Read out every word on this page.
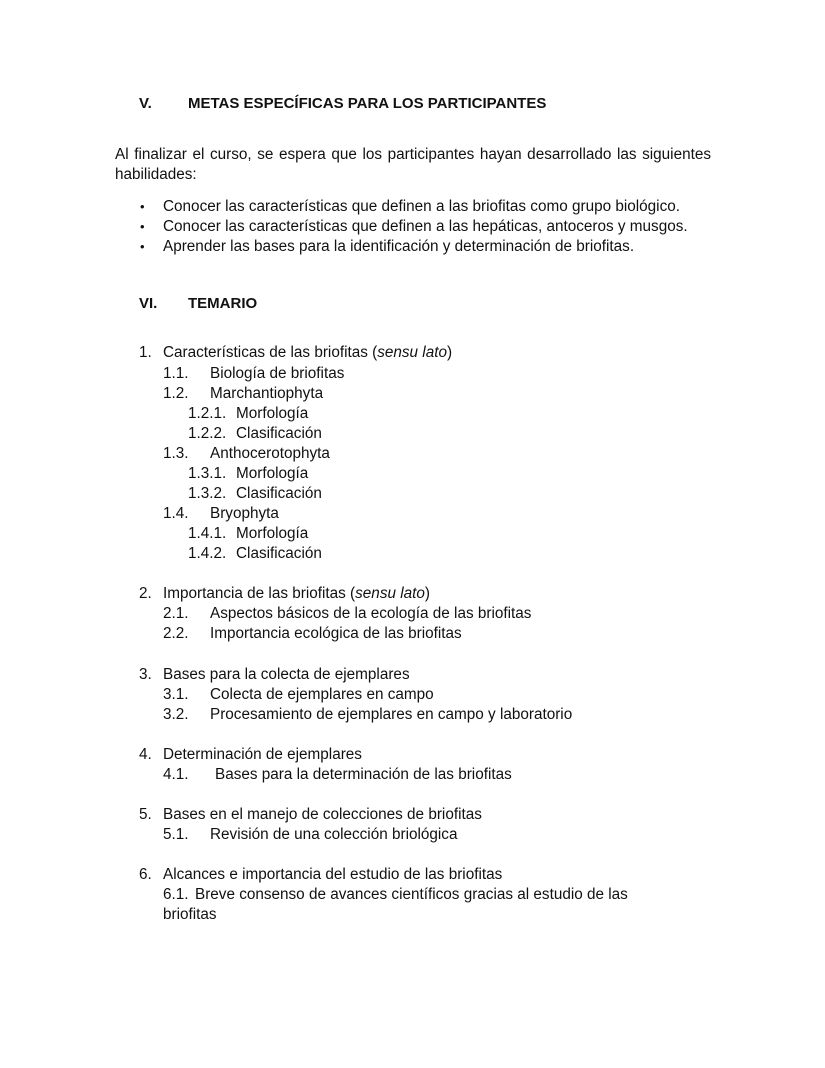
V. METAS ESPECÍFICAS PARA LOS PARTICIPANTES
Al finalizar el curso, se espera que los participantes hayan desarrollado las siguientes habilidades:
• Conocer las características que definen a las briofitas como grupo biológico.
• Conocer las características que definen a las hepáticas, antoceros y musgos.
• Aprender las bases para la identificación y determinación de briofitas.
VI. TEMARIO
1. Características de las briofitas (sensu lato)
1.1. Biología de briofitas
1.2. Marchantiophyta
1.2.1. Morfología
1.2.2. Clasificación
1.3. Anthocerotophyta
1.3.1. Morfología
1.3.2. Clasificación
1.4. Bryophyta
1.4.1. Morfología
1.4.2. Clasificación
2. Importancia de las briofitas (sensu lato)
2.1. Aspectos básicos de la ecología de las briofitas
2.2. Importancia ecológica de las briofitas
3. Bases para la colecta de ejemplares
3.1. Colecta de ejemplares en campo
3.2. Procesamiento de ejemplares en campo y laboratorio
4. Determinación de ejemplares
4.1. Bases para la determinación de las briofitas
5. Bases en el manejo de colecciones de briofitas
5.1. Revisión de una colección briológica
6. Alcances e importancia del estudio de las briofitas
6.1. Breve consenso de avances científicos gracias al estudio de las
briofitas
